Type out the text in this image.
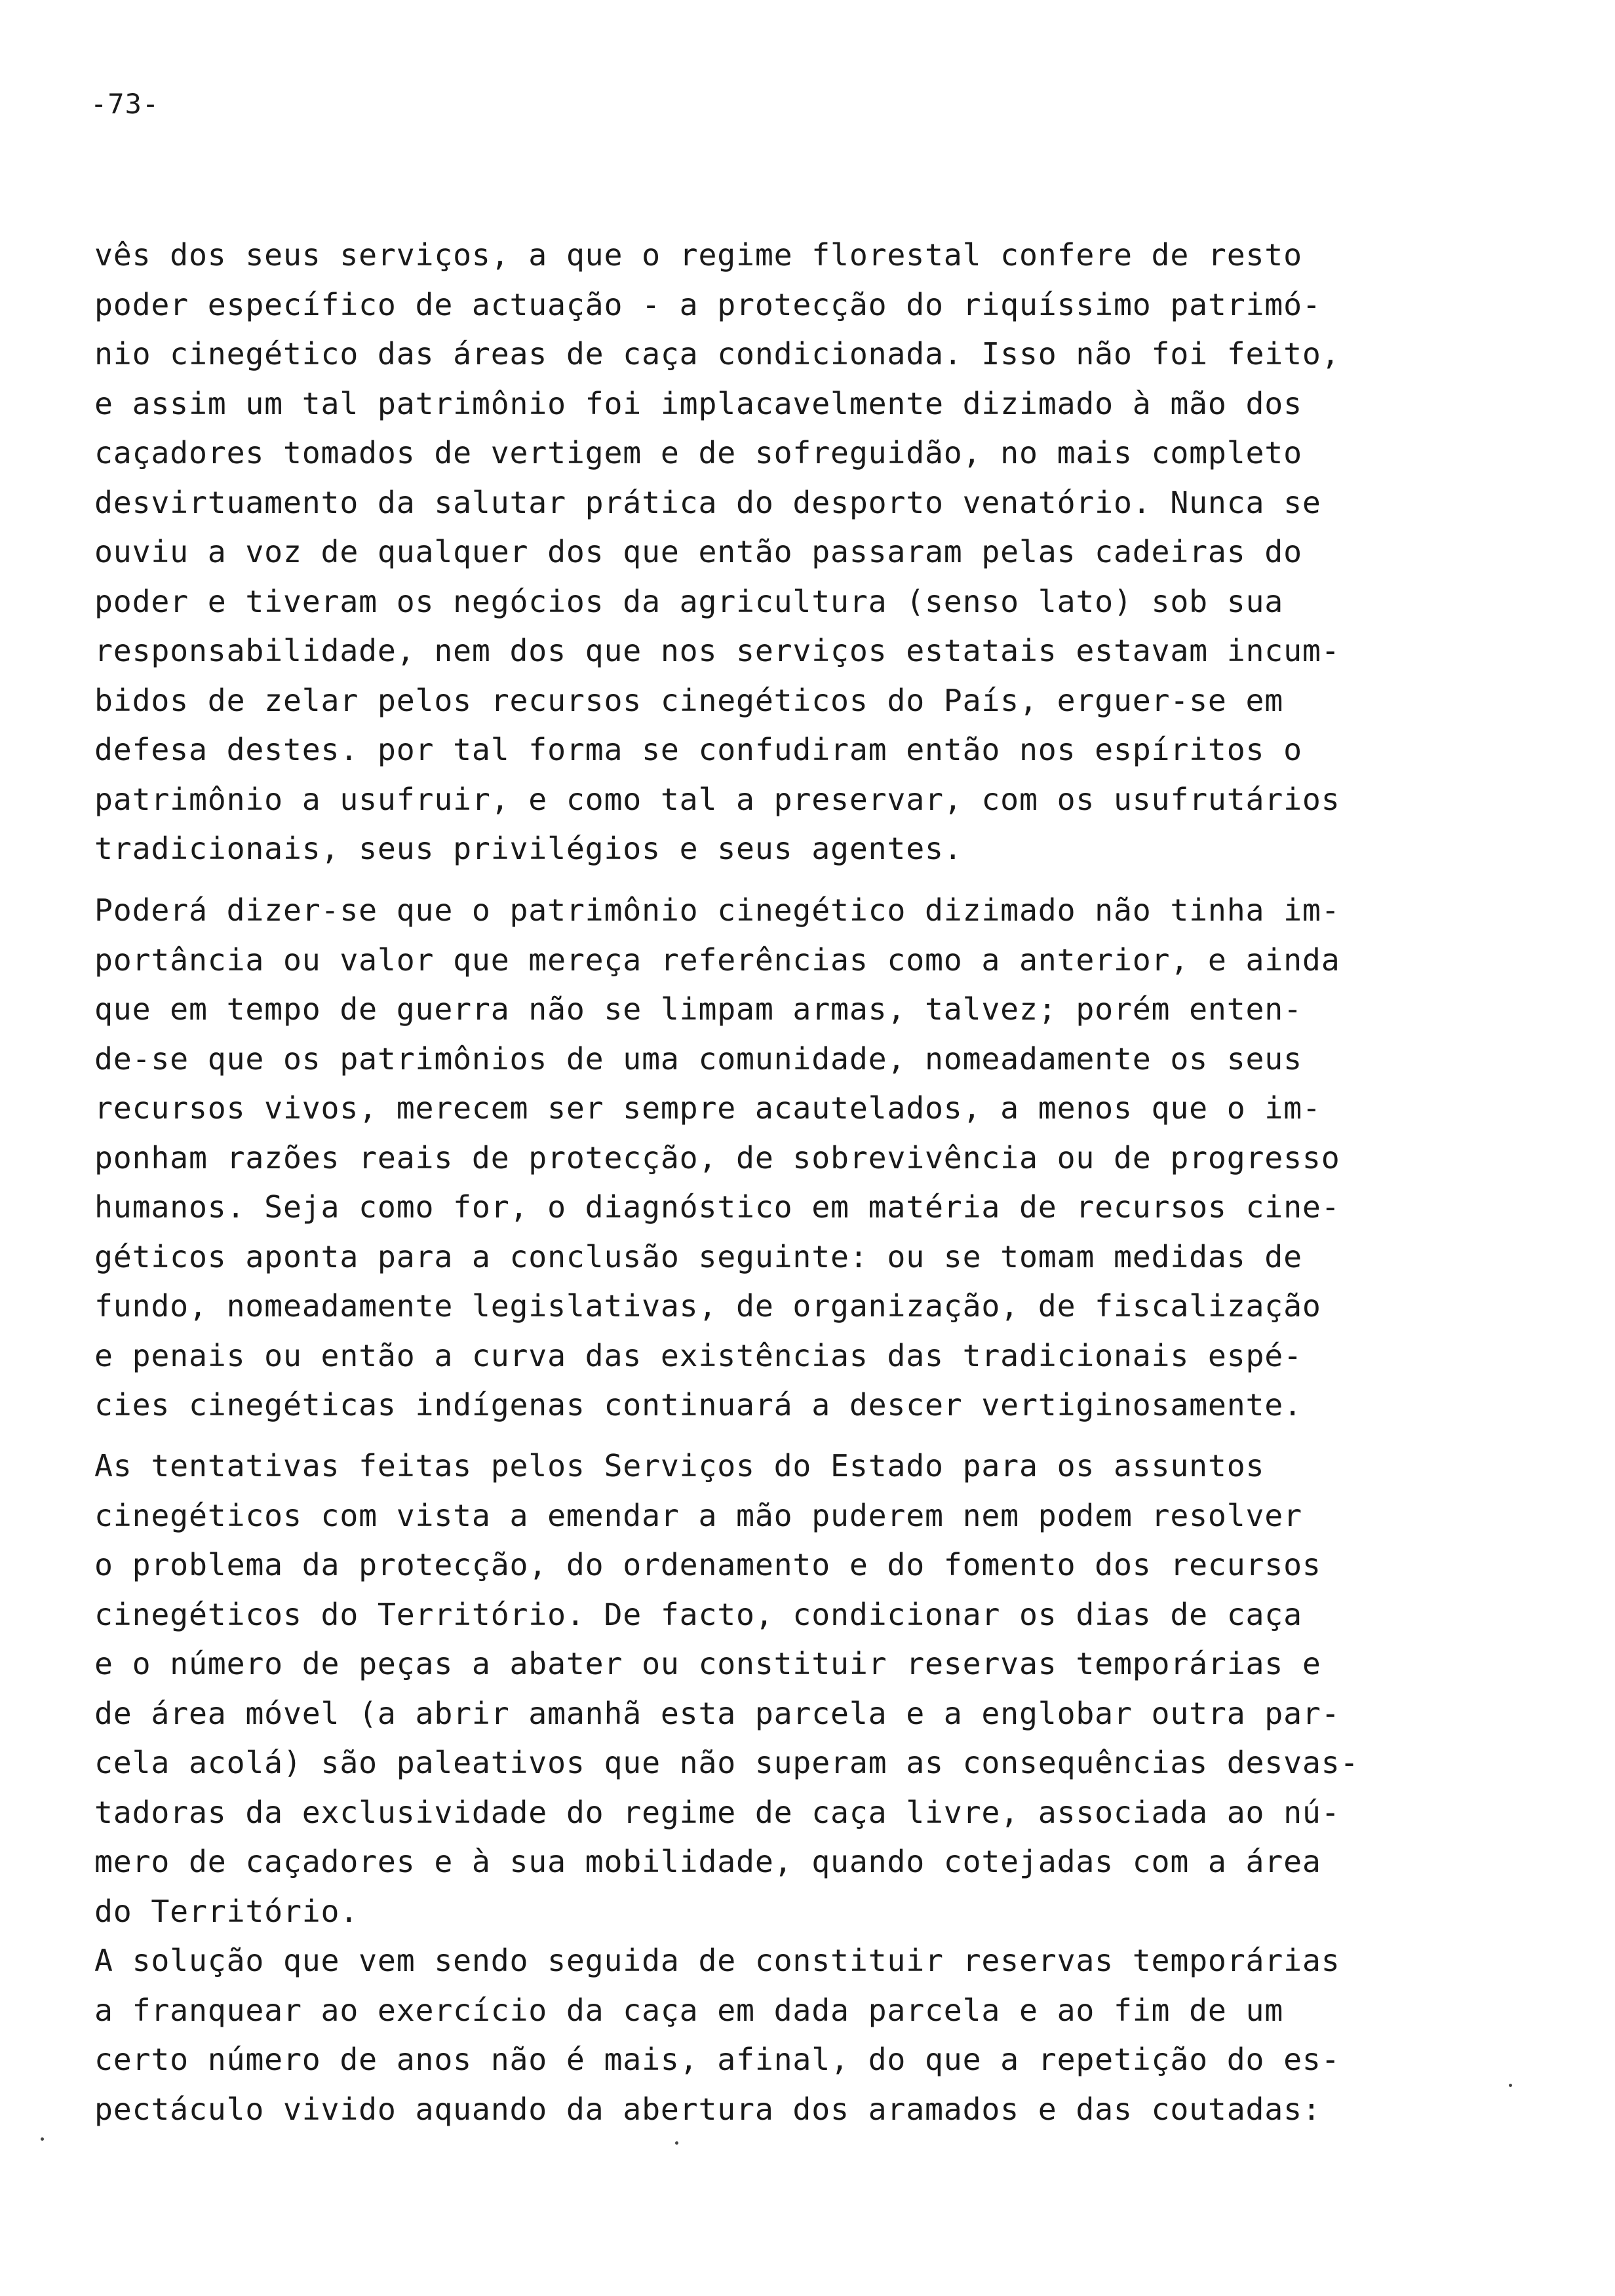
-73-
vês dos seus serviços, a que o regime florestal confere de resto
poder específico de actuação - a protecção do riquíssimo patrimó-
nio cinegético das áreas de caça condicionada. Isso não foi feito,
e assim um tal patrimônio foi implacavelmente dizimado à mão dos
caçadores tomados de vertigem e de sofreguidão, no mais completo
desvirtuamento da salutar prática do desporto venatório. Nunca se
ouviu a voz de qualquer dos que então passaram pelas cadeiras do
poder e tiveram os negócios da agricultura (senso lato) sob sua
responsabilidade, nem dos que nos serviços estatais estavam incum-
bidos de zelar pelos recursos cinegéticos do País, erguer-se em
defesa destes. por tal forma se confudiram então nos espíritos o
patrimônio a usufruir, e como tal a preservar, com os usufrutários
tradicionais, seus privilégios e seus agentes.
Poderá dizer-se que o patrimônio cinegético dizimado não tinha im-
portância ou valor que mereça referências como a anterior, e ainda
que em tempo de guerra não se limpam armas, talvez; porém enten-
de-se que os patrimônios de uma comunidade, nomeadamente os seus
recursos vivos, merecem ser sempre acautelados, a menos que o im-
ponham razões reais de protecção, de sobrevivência ou de progresso
humanos. Seja como for, o diagnóstico em matéria de recursos cine-
géticos aponta para a conclusão seguinte: ou se tomam medidas de
fundo, nomeadamente legislativas, de organização, de fiscalização
e penais ou então a curva das existências das tradicionais espé-
cies cinegéticas indígenas continuará a descer vertiginosamente.
As tentativas feitas pelos Serviços do Estado para os assuntos
cinegéticos com vista a emendar a mão puderem nem podem resolver
o problema da protecção, do ordenamento e do fomento dos recursos
cinegéticos do Território. De facto, condicionar os dias de caça
e o número de peças a abater ou constituir reservas temporárias e
de área móvel (a abrir amanhã esta parcela e a englobar outra par-
cela acolá) são paleativos que não superam as consequências desvas-
tadoras da exclusividade do regime de caça livre, associada ao nú-
mero de caçadores e à sua mobilidade, quando cotejadas com a área
do Território.
A solução que vem sendo seguida de constituir reservas temporárias
a franquear ao exercício da caça em dada parcela e ao fim de um
certo número de anos não é mais, afinal, do que a repetição do es-
pectáculo vivido aquando da abertura dos aramados e das coutadas:
